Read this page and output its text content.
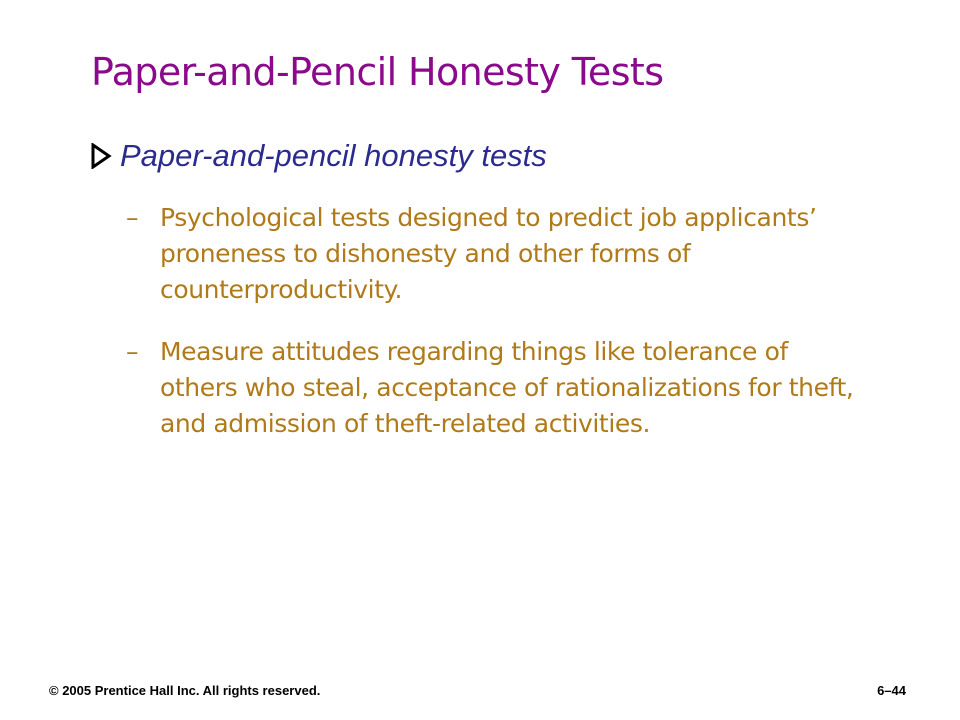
Paper-and-Pencil Honesty Tests
Paper-and-pencil honesty tests
– Psychological tests designed to predict job applicants’ proneness to dishonesty and other forms of counterproductivity.
– Measure attitudes regarding things like tolerance of others who steal, acceptance of rationalizations for theft, and admission of theft-related activities.
© 2005 Prentice Hall Inc. All rights reserved.	6–44
